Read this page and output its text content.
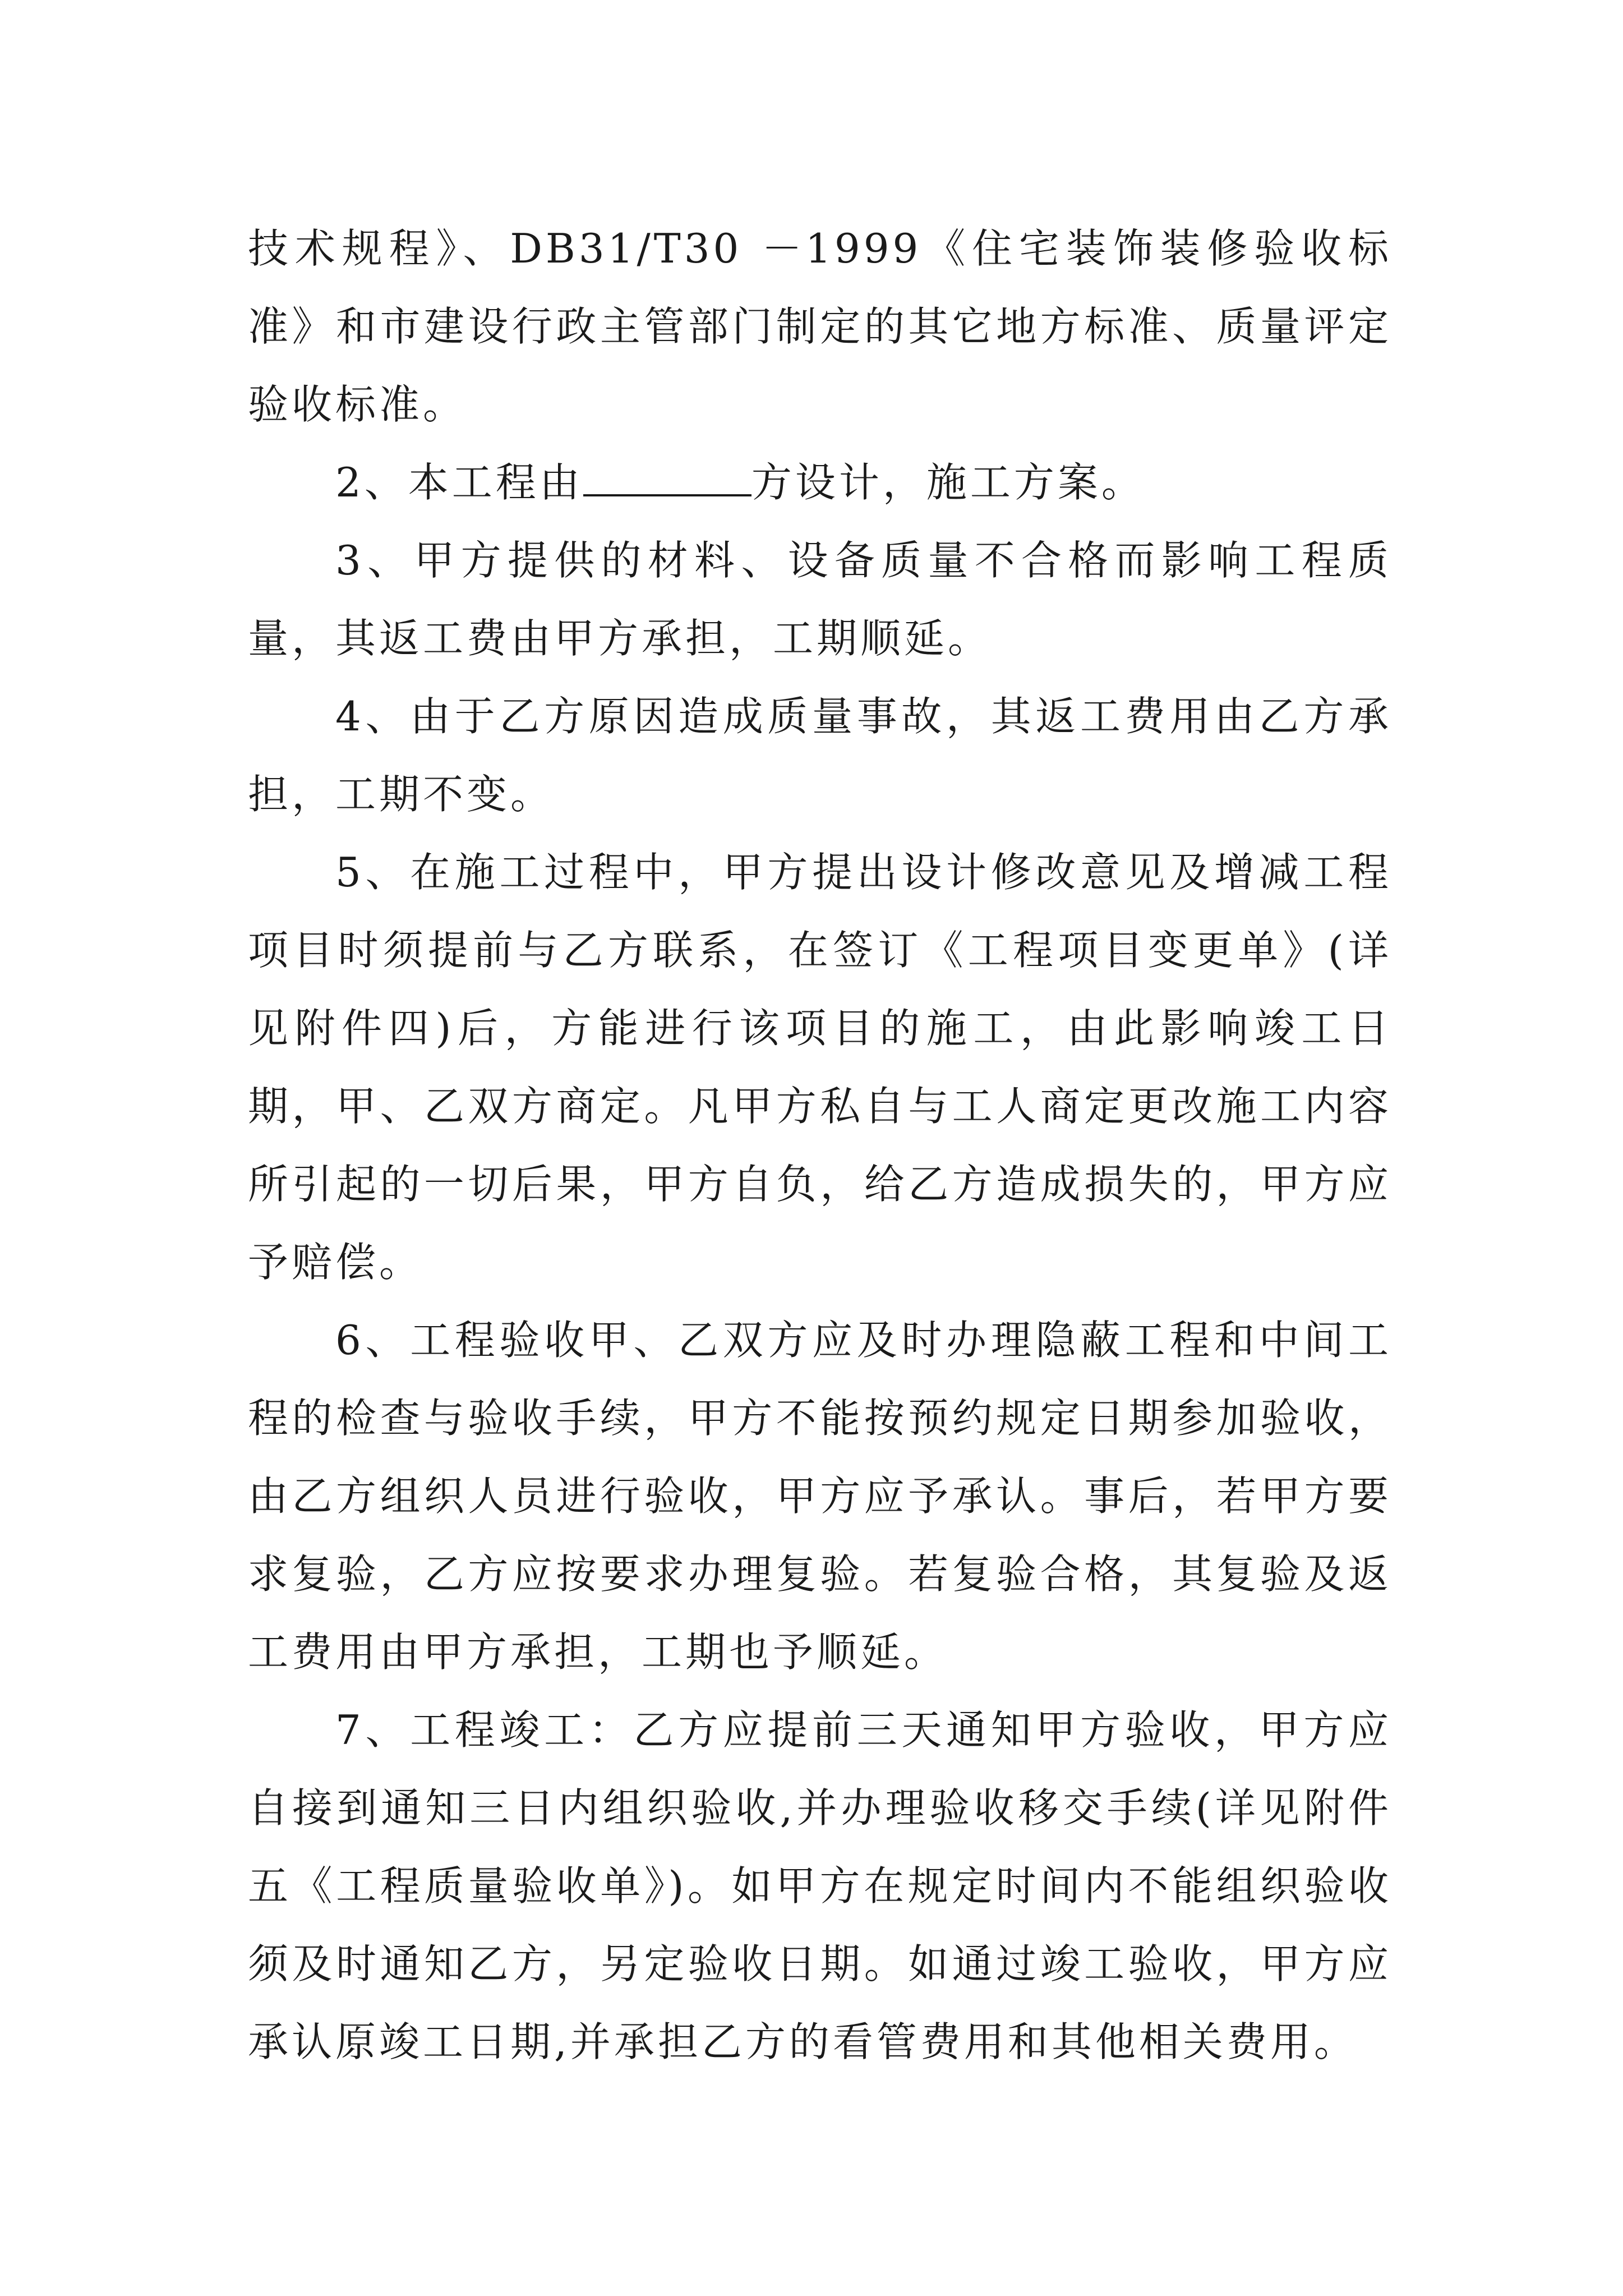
技术规程》、DB31/T30 －1999《住宅装饰装修验收标准》和市建设行政主管部门制定的其它地方标准、质量评定验收标准。

2、本工程由	方设计，施工方案。

3、甲方提供的材料、设备质量不合格而影响工程质量，其返工费由甲方承担，工期顺延。

4、由于乙方原因造成质量事故，其返工费用由乙方承担，工期不变。

5、在施工过程中，甲方提出设计修改意见及增减工程项目时须提前与乙方联系，在签订《工程项目变更单》(详见附件四)后，方能进行该项目的施工，由此影响竣工日期，甲、乙双方商定。凡甲方私自与工人商定更改施工内容所引起的一切后果，甲方自负，给乙方造成损失的，甲方应予赔偿。

6、工程验收甲、乙双方应及时办理隐蔽工程和中间工程的检查与验收手续，甲方不能按预约规定日期参加验收，由乙方组织人员进行验收，甲方应予承认。事后，若甲方要求复验，乙方应按要求办理复验。若复验合格，其复验及返工费用由甲方承担，工期也予顺延。

7、工程竣工：乙方应提前三天通知甲方验收，甲方应自接到通知三日内组织验收,并办理验收移交手续(详见附件五《工程质量验收单》)。如甲方在规定时间内不能组织验收须及时通知乙方，另定验收日期。如通过竣工验收，甲方应承认原竣工日期,并承担乙方的看管费用和其他相关费用。
